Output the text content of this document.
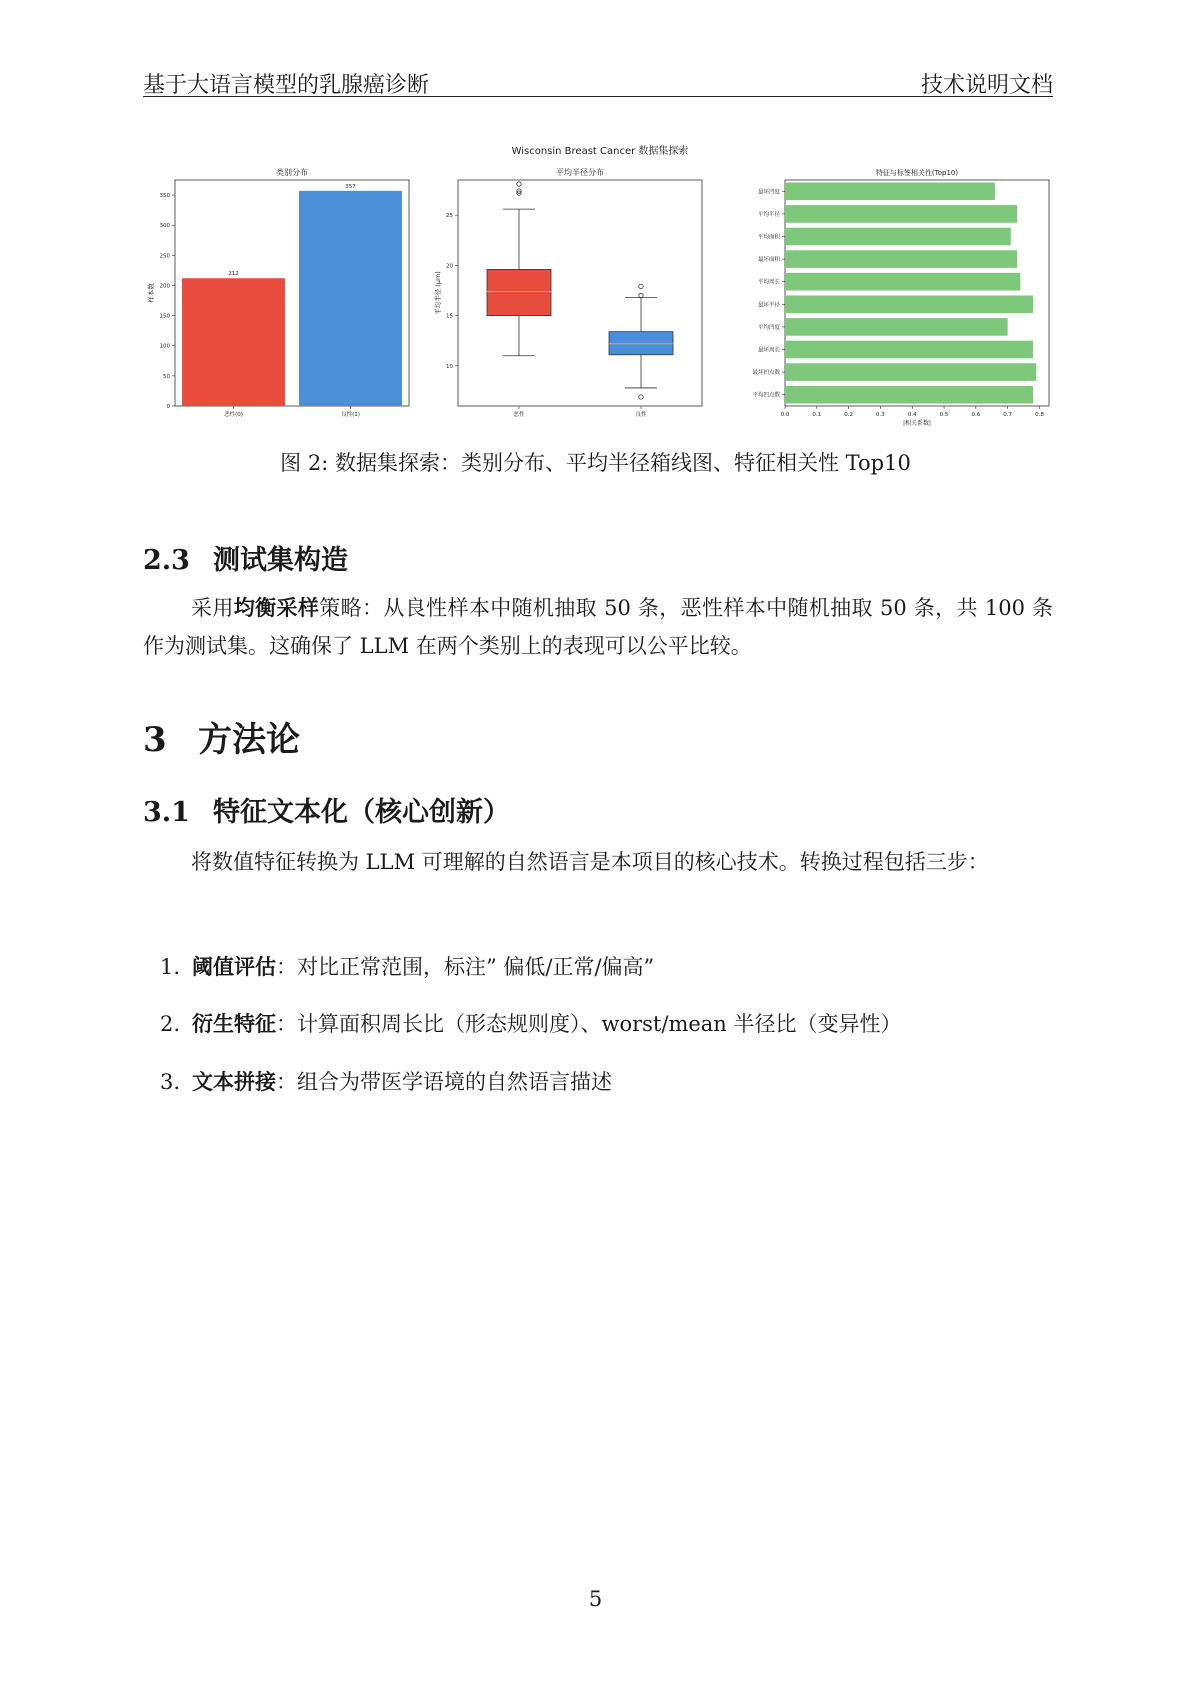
基于大语言模型的乳腺癌诊断	技术说明文档
Wisconsin Breast Cancer 数据集探索
类别分布
样本数
0
50
100
150
200
250
300
350
212
恶性(0)
357
良性(1)
平均半径分布
平均半径 (μm)
10
15
20
25
恶性	良性
特征与标签相关性(Top10)
0.0	0.1	0.2	0.3	0.4	0.5	0.6	0.7	0.8
|相关系数|
最坏凹度
平均半径
平均面积
最坏面积
平均周长
最坏半径
平均凹度
最坏周长
最坏凹点数
平均凹点数
图 2: 数据集探索：类别分布、平均半径箱线图、特征相关性 Top10
2.3 测试集构造
采用均衡采样策略：从良性样本中随机抽取 50 条，恶性样本中随机抽取 50 条，共 100 条作为测试集。这确保了 LLM 在两个类别上的表现可以公平比较。
3 方法论
3.1 特征文本化（核心创新）
将数值特征转换为 LLM 可理解的自然语言是本项目的核心技术。转换过程包括三步：
1. 阈值评估：对比正常范围，标注” 偏低/正常/偏高”
2. 衍生特征：计算面积周长比（形态规则度）、worst/mean 半径比（变异性）
3. 文本拼接：组合为带医学语境的自然语言描述
5
